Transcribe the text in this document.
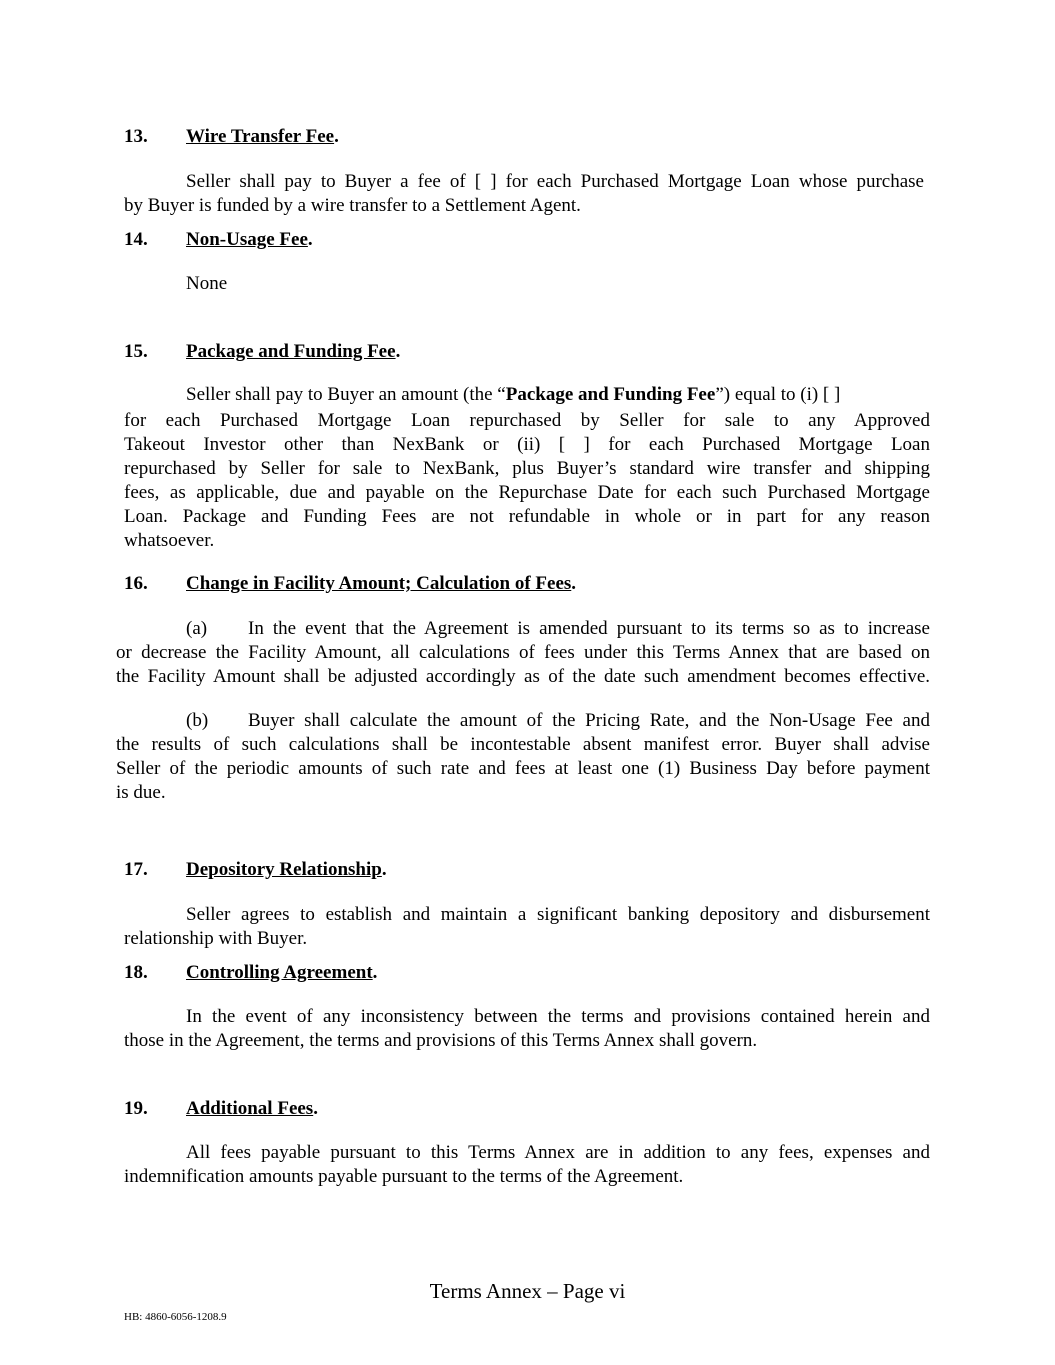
13. Wire Transfer Fee.
Seller shall pay to Buyer a fee of [ ] for each Purchased Mortgage Loan whose purchase
by Buyer is funded by a wire transfer to a Settlement Agent.
14. Non-Usage Fee.
None
15. Package and Funding Fee.
Seller shall pay to Buyer an amount (the “Package and Funding Fee”) equal to (i) [ ]
for each Purchased Mortgage Loan repurchased by Seller for sale to any Approved
Takeout Investor other than NexBank or (ii) [ ] for each Purchased Mortgage Loan
repurchased by Seller for sale to NexBank, plus Buyer’s standard wire transfer and shipping
fees, as applicable, due and payable on the Repurchase Date for each such Purchased Mortgage
Loan. Package and Funding Fees are not refundable in whole or in part for any reason
whatsoever.
16. Change in Facility Amount; Calculation of Fees.
(a) In the event that the Agreement is amended pursuant to its terms so as to increase
or decrease the Facility Amount, all calculations of fees under this Terms Annex that are based on
the Facility Amount shall be adjusted accordingly as of the date such amendment becomes effective.
(b) Buyer shall calculate the amount of the Pricing Rate, and the Non-Usage Fee and
the results of such calculations shall be incontestable absent manifest error. Buyer shall advise
Seller of the periodic amounts of such rate and fees at least one (1) Business Day before payment
is due.
17. Depository Relationship.
Seller agrees to establish and maintain a significant banking depository and disbursement
relationship with Buyer.
18. Controlling Agreement.
In the event of any inconsistency between the terms and provisions contained herein and
those in the Agreement, the terms and provisions of this Terms Annex shall govern.
19. Additional Fees.
All fees payable pursuant to this Terms Annex are in addition to any fees, expenses and
indemnification amounts payable pursuant to the terms of the Agreement.
Terms Annex – Page vi
HB: 4860-6056-1208.9
